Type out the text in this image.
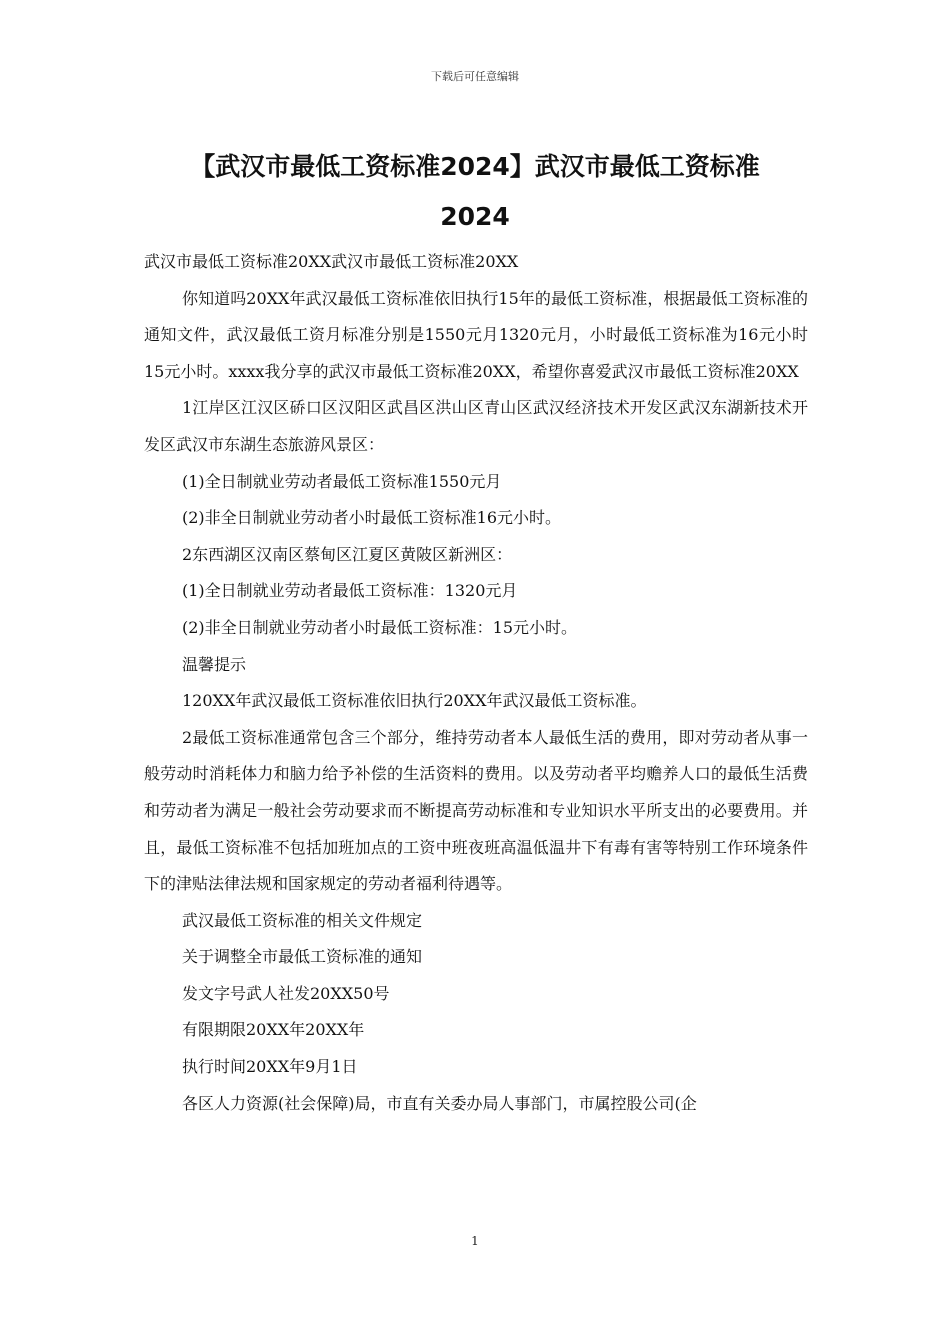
下载后可任意编辑
【武汉市最低工资标准2024】武汉市最低工资标准
2024

武汉市最低工资标准20XX武汉市最低工资标准20XX

你知道吗20XX年武汉最低工资标准依旧执行15年的最低工资标准，根据最低工资标准的通知文件，武汉最低工资月标准分别是1550元月1320元月，小时最低工资标准为16元小时15元小时。xxxx我分享的武汉市最低工资标准20XX，希望你喜爱武汉市最低工资标准20XX

1江岸区江汉区硚口区汉阳区武昌区洪山区青山区武汉经济技术开发区武汉东湖新技术开发区武汉市东湖生态旅游风景区：

(1)全日制就业劳动者最低工资标准1550元月

(2)非全日制就业劳动者小时最低工资标准16元小时。

2东西湖区汉南区蔡甸区江夏区黄陂区新洲区：

(1)全日制就业劳动者最低工资标准：1320元月

(2)非全日制就业劳动者小时最低工资标准：15元小时。

温馨提示

120XX年武汉最低工资标准依旧执行20XX年武汉最低工资标准。

2最低工资标准通常包含三个部分，维持劳动者本人最低生活的费用，即对劳动者从事一般劳动时消耗体力和脑力给予补偿的生活资料的费用。以及劳动者平均赡养人口的最低生活费和劳动者为满足一般社会劳动要求而不断提高劳动标准和专业知识水平所支出的必要费用。并且，最低工资标准不包括加班加点的工资中班夜班高温低温井下有毒有害等特别工作环境条件下的津贴法律法规和国家规定的劳动者福利待遇等。

武汉最低工资标准的相关文件规定

关于调整全市最低工资标准的通知

发文字号武人社发20XX50号

有限期限20XX年20XX年

执行时间20XX年9月1日

各区人力资源(社会保障)局，市直有关委办局人事部门，市属控股公司(企

1
